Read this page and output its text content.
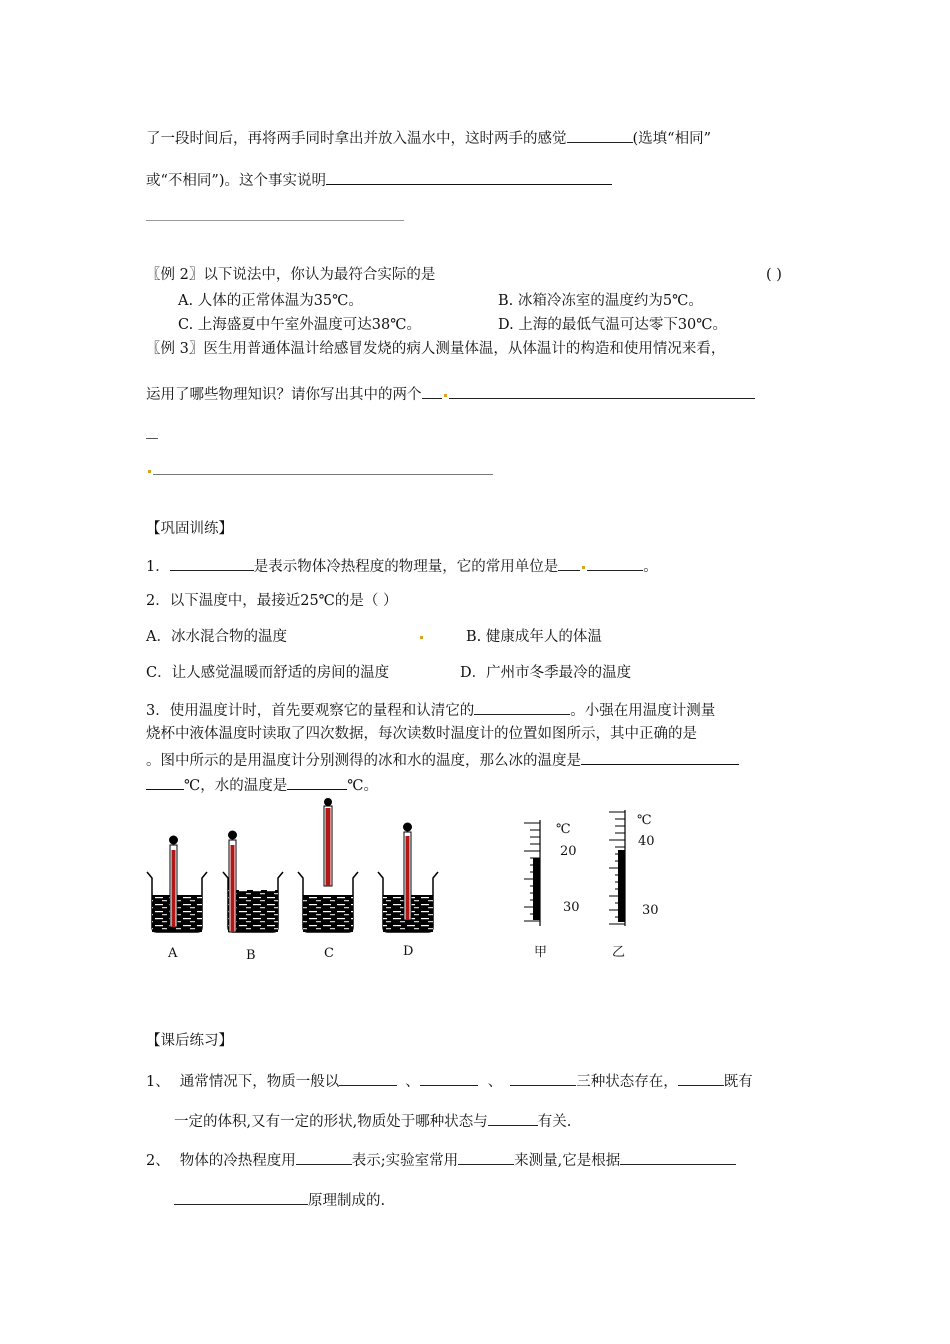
了一段时间后，再将两手同时拿出并放入温水中，这时两手的感觉	(选填“相同”
或“不相同”)。这个事实说明
〖例 2〗以下说法中，你认为最符合实际的是	( )
A. 人体的正常体温为35℃。	B. 冰箱冷冻室的温度约为5℃。
C. 上海盛夏中午室外温度可达38℃。	D. 上海的最低气温可达零下30℃。
〖例 3〗医生用普通体温计给感冒发烧的病人测量体温，从体温计的构造和使用情况来看，
运用了哪些物理知识？请你写出其中的两个
【巩固训练】
1．	是表示物体冷热程度的物理量，它的常用单位是	。
2．以下温度中，最接近25℃的是（ ）
A．冰水混合物的温度	B. 健康成年人的体温
C．让人感觉温暖而舒适的房间的温度	D．广州市冬季最冷的温度
3．使用温度计时，首先要观察它的量程和认清它的	。小强在用温度计测量
烧杯中液体温度时读取了四次数据，每次读数时温度计的位置如图所示，其中正确的是
。图中所示的是用温度计分别测得的冰和水的温度，那么冰的温度是
℃，水的温度是	℃。
A	B	C	D
℃
20
30
甲
℃
40
30
乙
【课后练习】
1、 通常情况下，物质一般以	、	、	三种状态存在，	既有
一定的体积,又有一定的形状,物质处于哪种状态与	有关.
2、 物体的冷热程度用	表示;实验室常用	来测量,它是根据
原理制成的.
